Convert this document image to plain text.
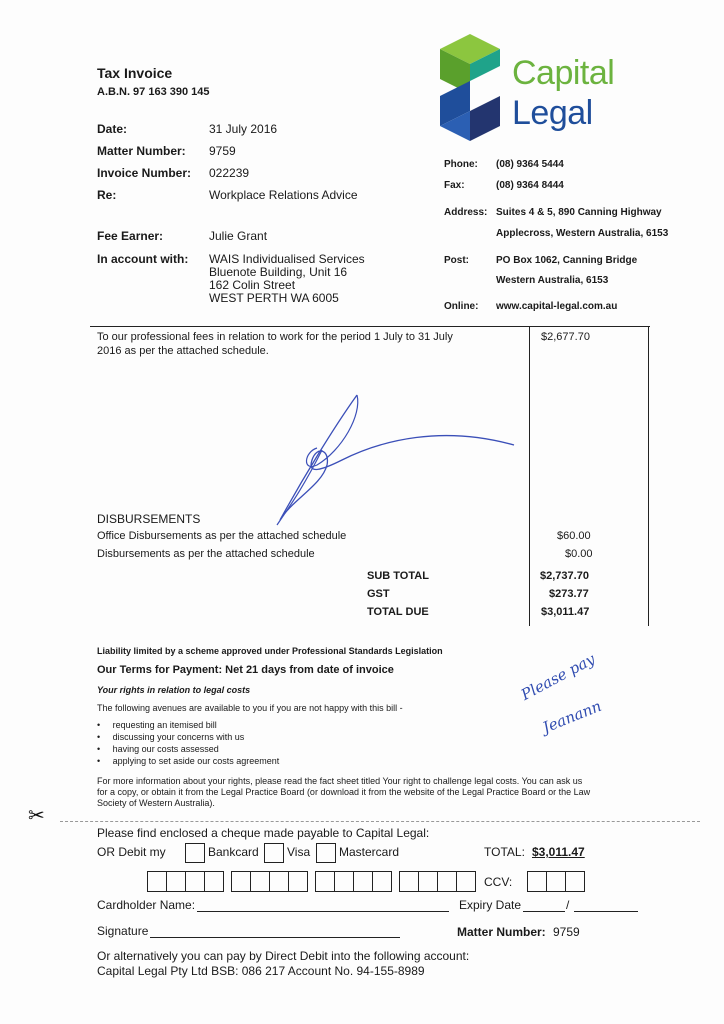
Tax Invoice
A.B.N. 97 163 390 145	Capital
Legal
Date:	31 July 2016
Matter Number: 9759
Invoice Number: 022239
Re:	Workplace Relations Advice
Fee Earner:	Julie Grant
In account with: WAIS Individualised Services
Bluenote Building, Unit 16
162 Colin Street
WEST PERTH WA 6005
Phone: (08) 9364 5444
Fax:	(08) 9364 8444
Address: Suites 4 & 5, 890 Canning Highway
Applecross, Western Australia, 6153
Post:	PO Box 1062, Canning Bridge
Western Australia, 6153
Online: www.capital-legal.com.au
To our professional fees in relation to work for the period 1 July to 31 July
2016 as per the attached schedule.
$2,677.70
DISBURSEMENTS
Office Disbursements as per the attached schedule	$60.00
Disbursements as per the attached schedule	$0.00
SUB TOTAL	$2,737.70
GST	$273.77
TOTAL DUE	$3,011.47
Liability limited by a scheme approved under Professional Standards Legislation
Our Terms for Payment: Net 21 days from date of invoice
Your rights in relation to legal costs
The following avenues are available to you if you are not happy with this bill -
•     requesting an itemised bill
•     discussing your concerns with us
•     having our costs assessed
•     applying to set aside our costs agreement
For more information about your rights, please read the fact sheet titled Your right to challenge legal costs. You can ask us
for a copy, or obtain it from the Legal Practice Board (or download it from the website of the Legal Practice Board or the Law
Society of Western Australia).
Please pay
Jeanann
✂
Please find enclosed a cheque made payable to Capital Legal:
OR Debit my	Bankcard Visa Mastercard	TOTAL: $3,011.47
CCV:
Cardholder Name:	Expiry Date	/
Signature	Matter Number: 9759
Or alternatively you can pay by Direct Debit into the following account:
Capital Legal Pty Ltd BSB: 086 217 Account No. 94-155-8989
